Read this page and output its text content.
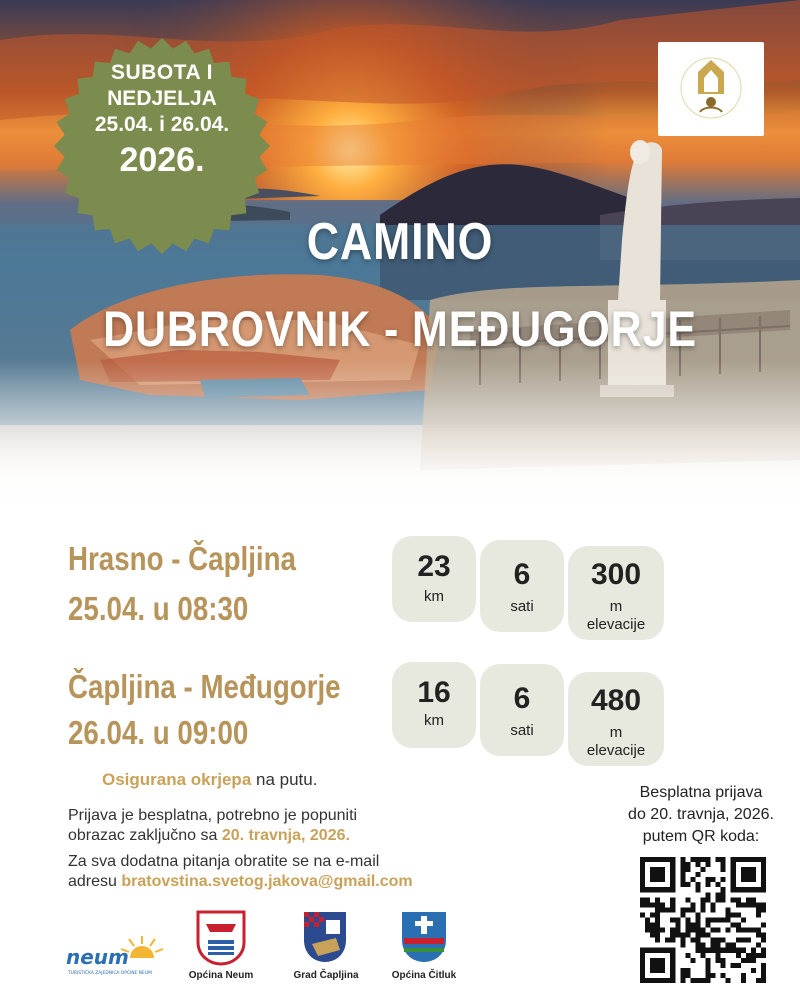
SUBOTA I
NEDJELJA
25.04. i 26.04.
2026.
CAMINO
DUBROVNIK - MEĐUGORJE
Hrasno - Čapljina
25.04. u 08:30
23
km
6
sati
300
m elevacije
Čapljina - Međugorje
26.04. u 09:00
16
km
6
sati
480
m elevacije
Osigurana okrjepa na putu.
Prijava je besplatna, potrebno je popuniti
obrazac zaključno sa 20. travnja, 2026.
Za sva dodatna pitanja obratite se na e-mail
adresu bratovstina.svetog.jakova@gmail.com
Besplatna prijava
do 20. travnja, 2026.
putem QR koda:
neum
TURISTIČKA ZAJEDNICA OPĆINE NEUM	Općina Neum	Grad Čapljina	Općina Čitluk
